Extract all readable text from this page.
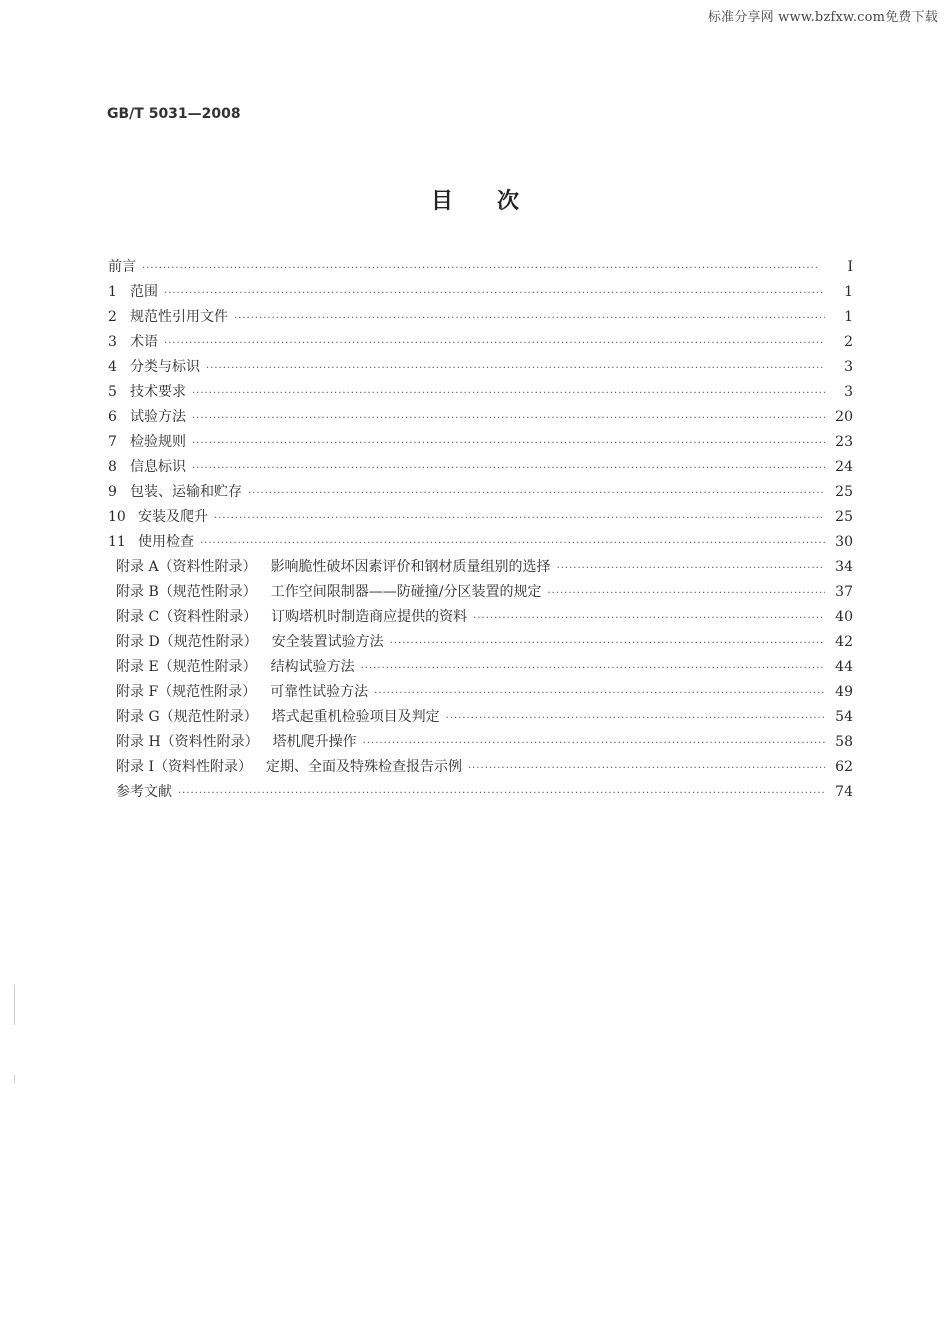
标准分享网 www.bzfxw.com免费下载
GB/T 5031—2008
目次
前言 ·····	I
1 范围 ·····	1
2 规范性引用文件 ·····	1
3 术语 ·····	2
4 分类与标识 ·····	3
5 技术要求 ·····	3
6 试验方法 ·····	20
7 检验规则 ·····	23
8 信息标识 ·····	24
9 包装、运输和贮存 ·····	25
10 安装及爬升 ·····	25
11 使用检查 ·····	30
附录 A（资料性附录） 影响脆性破坏因素评价和钢材质量组别的选择 ·····	34
附录 B（规范性附录） 工作空间限制器——防碰撞/分区装置的规定 ·····	37
附录 C（资料性附录） 订购塔机时制造商应提供的资料 ·····	40
附录 D（规范性附录） 安全装置试验方法 ·····	42
附录 E（规范性附录） 结构试验方法 ·····	44
附录 F（规范性附录） 可靠性试验方法 ·····	49
附录 G（规范性附录） 塔式起重机检验项目及判定 ·····	54
附录 H（资料性附录） 塔机爬升操作 ·····	58
附录 I（资料性附录） 定期、全面及特殊检查报告示例 ·····	62
参考文献 ·····	74
